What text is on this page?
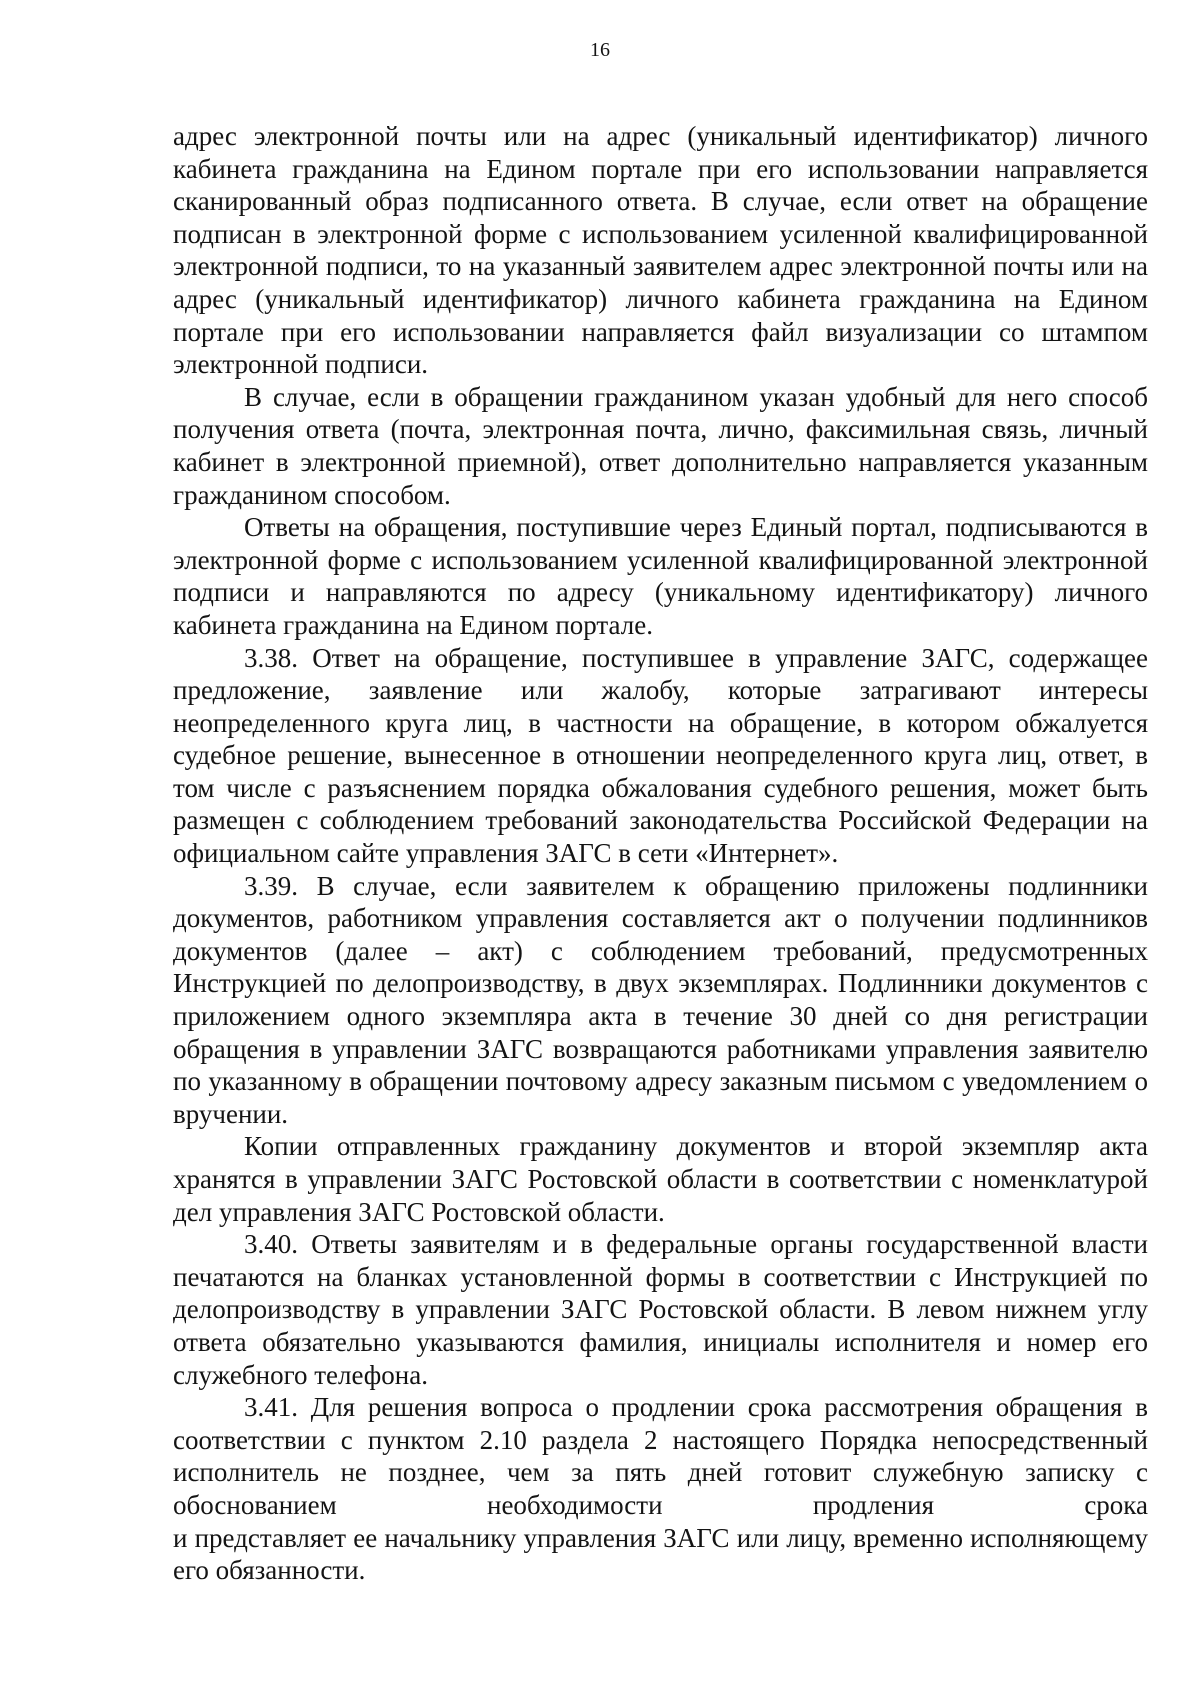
16

адрес электронной почты или на адрес (уникальный идентификатор) личного кабинета гражданина на Едином портале при его использовании направляется сканированный образ подписанного ответа. В случае, если ответ на обращение подписан в электронной форме с использованием усиленной квалифицированной электронной подписи, то на указанный заявителем адрес электронной почты или на адрес (уникальный идентификатор) личного кабинета гражданина на Едином портале при его использовании направляется файл визуализации со штампом электронной подписи.

В случае, если в обращении гражданином указан удобный для него способ получения ответа (почта, электронная почта, лично, факсимильная связь, личный кабинет в электронной приемной), ответ дополнительно направляется указанным гражданином способом.

Ответы на обращения, поступившие через Единый портал, подписываются в электронной форме с использованием усиленной квалифицированной электронной подписи и направляются по адресу (уникальному идентификатору) личного кабинета гражданина на Едином портале.

3.38. Ответ на обращение, поступившее в управление ЗАГС, содержащее предложение, заявление или жалобу, которые затрагивают интересы неопределенного круга лиц, в частности на обращение, в котором обжалуется судебное решение, вынесенное в отношении неопределенного круга лиц, ответ, в том числе с разъяснением порядка обжалования судебного решения, может быть размещен с соблюдением требований законодательства Российской Федерации на официальном сайте управления ЗАГС в сети «Интернет».

3.39. В случае, если заявителем к обращению приложены подлинники документов, работником управления составляется акт о получении подлинников документов (далее – акт) с соблюдением требований, предусмотренных Инструкцией по делопроизводству, в двух экземплярах. Подлинники документов с приложением одного экземпляра акта в течение 30 дней со дня регистрации обращения в управлении ЗАГС возвращаются работниками управления заявителю по указанному в обращении почтовому адресу заказным письмом с уведомлением о вручении.

Копии отправленных гражданину документов и второй экземпляр акта хранятся в управлении ЗАГС Ростовской области в соответствии с номенклатурой дел управления ЗАГС Ростовской области.

3.40. Ответы заявителям и в федеральные органы государственной власти печатаются на бланках установленной формы в соответствии с Инструкцией по делопроизводству в управлении ЗАГС Ростовской области. В левом нижнем углу ответа обязательно указываются фамилия, инициалы исполнителя и номер его служебного телефона.

3.41. Для решения вопроса о продлении срока рассмотрения обращения в соответствии с пунктом 2.10 раздела 2 настоящего Порядка непосредственный исполнитель не позднее, чем за пять дней готовит служебную записку с обоснованием необходимости продления срока
и представляет ее начальнику управления ЗАГС или лицу, временно исполняющему его обязанности.
